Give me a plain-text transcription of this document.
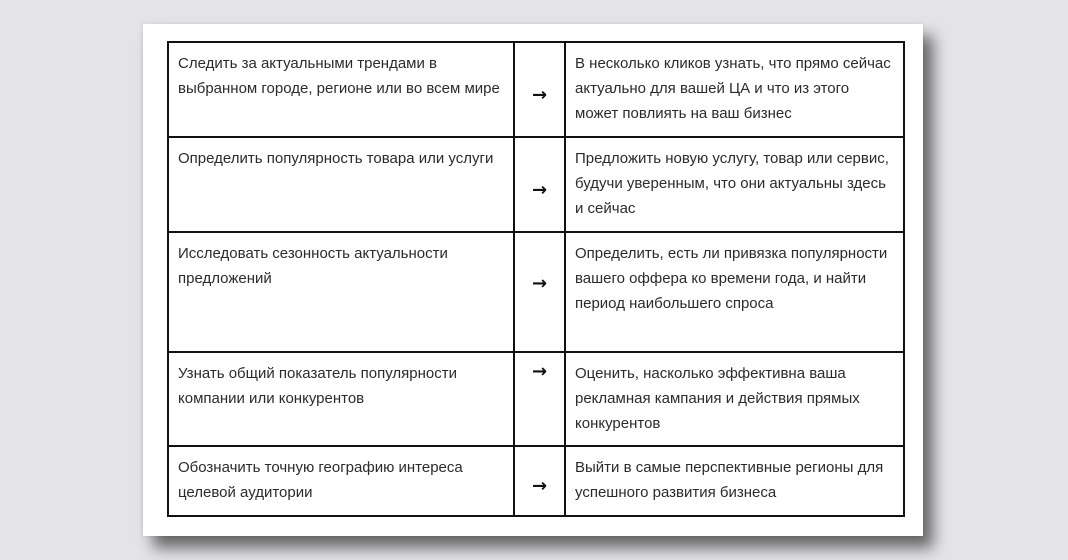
Следить за актуальными трендами в выбранном городе, регионе или во всем мире	→	В несколько кликов узнать, что прямо сейчас актуально для вашей ЦА и что из этого может повлиять на ваш бизнес
Определить популярность товара или услуги	→	Предложить новую услугу, товар или сервис, будучи уверенным, что они актуальны здесь и сейчас
Исследовать сезонность актуальности предложений	→	Определить, есть ли привязка популярности вашего оффера ко времени года, и найти период наибольшего спроса
Узнать общий показатель популярности компании или конкурентов	→	Оценить, насколько эффективна ваша рекламная кампания и действия прямых конкурентов
Обозначить точную географию интереса целевой аудитории	→	Выйти в самые перспективные регионы для успешного развития бизнеса
